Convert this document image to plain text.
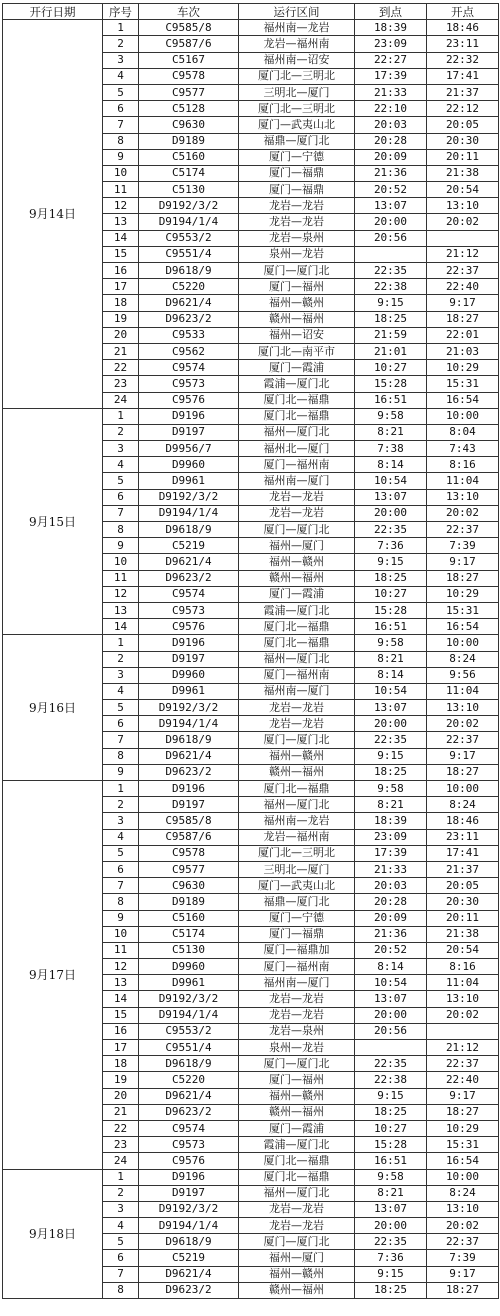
开行日期	序号	车次	运行区间	到点	开点
9月14日	1	C9585/8	福州南—龙岩	18:39	18:46
	2	C9587/6	龙岩—福州南	23:09	23:11
	3	C5167	福州南—诏安	22:27	22:32
	4	C9578	厦门北—三明北	17:39	17:41
	5	C9577	三明北—厦门	21:33	21:37
	6	C5128	厦门北—三明北	22:10	22:12
	7	C9630	厦门—武夷山北	20:03	20:05
	8	D9189	福鼎—厦门北	20:28	20:30
	9	C5160	厦门—宁德	20:09	20:11
	10	C5174	厦门—福鼎	21:36	21:38
	11	C5130	厦门—福鼎	20:52	20:54
	12	D9192/3/2	龙岩—龙岩	13:07	13:10
	13	D9194/1/4	龙岩—龙岩	20:00	20:02
	14	C9553/2	龙岩—泉州	20:56	
	15	C9551/4	泉州—龙岩		21:12
	16	D9618/9	厦门—厦门北	22:35	22:37
	17	C5220	厦门—福州	22:38	22:40
	18	D9621/4	福州—赣州	9:15	9:17
	19	D9623/2	赣州—福州	18:25	18:27
	20	C9533	福州—诏安	21:59	22:01
	21	C9562	厦门北—南平市	21:01	21:03
	22	C9574	厦门—霞浦	10:27	10:29
	23	C9573	霞浦—厦门北	15:28	15:31
	24	C9576	厦门北—福鼎	16:51	16:54
9月15日	1	D9196	厦门北—福鼎	9:58	10:00
	2	D9197	福州—厦门北	8:21	8:04
	3	D9956/7	福州北—厦门	7:38	7:43
	4	D9960	厦门—福州南	8:14	8:16
	5	D9961	福州南—厦门	10:54	11:04
	6	D9192/3/2	龙岩—龙岩	13:07	13:10
	7	D9194/1/4	龙岩—龙岩	20:00	20:02
	8	D9618/9	厦门—厦门北	22:35	22:37
	9	C5219	福州—厦门	7:36	7:39
	10	D9621/4	福州—赣州	9:15	9:17
	11	D9623/2	赣州—福州	18:25	18:27
	12	C9574	厦门—霞浦	10:27	10:29
	13	C9573	霞浦—厦门北	15:28	15:31
	14	C9576	厦门北—福鼎	16:51	16:54
9月16日	1	D9196	厦门北—福鼎	9:58	10:00
	2	D9197	福州—厦门北	8:21	8:24
	3	D9960	厦门—福州南	8:14	9:56
	4	D9961	福州南—厦门	10:54	11:04
	5	D9192/3/2	龙岩—龙岩	13:07	13:10
	6	D9194/1/4	龙岩—龙岩	20:00	20:02
	7	D9618/9	厦门—厦门北	22:35	22:37
	8	D9621/4	福州—赣州	9:15	9:17
	9	D9623/2	赣州—福州	18:25	18:27
9月17日	1	D9196	厦门北—福鼎	9:58	10:00
	2	D9197	福州—厦门北	8:21	8:24
	3	C9585/8	福州南—龙岩	18:39	18:46
	4	C9587/6	龙岩—福州南	23:09	23:11
	5	C9578	厦门北—三明北	17:39	17:41
	6	C9577	三明北—厦门	21:33	21:37
	7	C9630	厦门—武夷山北	20:03	20:05
	8	D9189	福鼎—厦门北	20:28	20:30
	9	C5160	厦门—宁德	20:09	20:11
	10	C5174	厦门—福鼎	21:36	21:38
	11	C5130	厦门—福鼎加	20:52	20:54
	12	D9960	厦门—福州南	8:14	8:16
	13	D9961	福州南—厦门	10:54	11:04
	14	D9192/3/2	龙岩—龙岩	13:07	13:10
	15	D9194/1/4	龙岩—龙岩	20:00	20:02
	16	C9553/2	龙岩—泉州	20:56	
	17	C9551/4	泉州—龙岩		21:12
	18	D9618/9	厦门—厦门北	22:35	22:37
	19	C5220	厦门—福州	22:38	22:40
	20	D9621/4	福州—赣州	9:15	9:17
	21	D9623/2	赣州—福州	18:25	18:27
	22	C9574	厦门—霞浦	10:27	10:29
	23	C9573	霞浦—厦门北	15:28	15:31
	24	C9576	厦门北—福鼎	16:51	16:54
9月18日	1	D9196	厦门北—福鼎	9:58	10:00
	2	D9197	福州—厦门北	8:21	8:24
	3	D9192/3/2	龙岩—龙岩	13:07	13:10
	4	D9194/1/4	龙岩—龙岩	20:00	20:02
	5	D9618/9	厦门—厦门北	22:35	22:37
	6	C5219	福州—厦门	7:36	7:39
	7	D9621/4	福州—赣州	9:15	9:17
	8	D9623/2	赣州—福州	18:25	18:27
